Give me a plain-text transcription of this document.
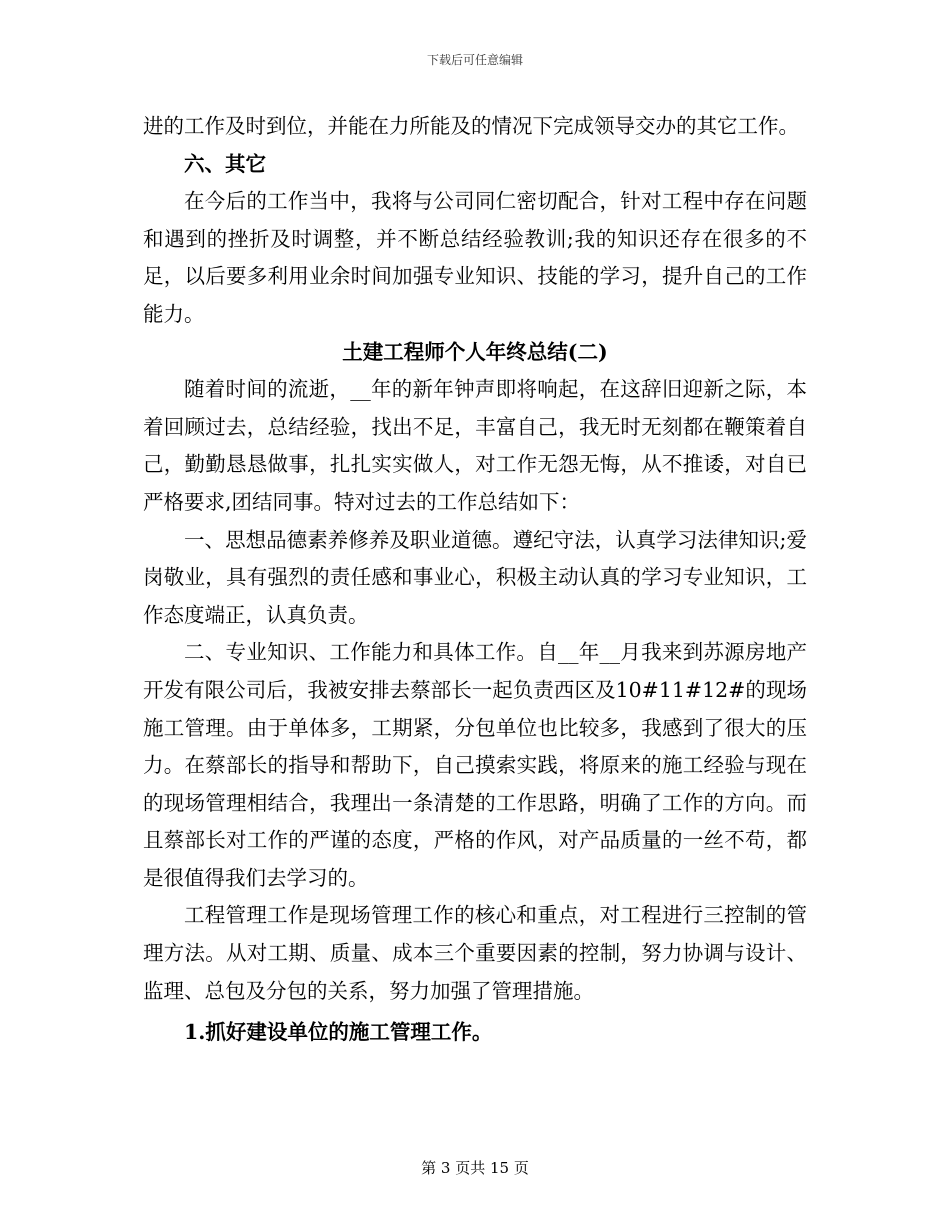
下载后可任意编辑

进的工作及时到位，并能在力所能及的情况下完成领导交办的其它工作。

六、其它

在今后的工作当中，我将与公司同仁密切配合，针对工程中存在问题和遇到的挫折及时调整，并不断总结经验教训;我的知识还存在很多的不足，以后要多利用业余时间加强专业知识、技能的学习，提升自己的工作能力。

土建工程师个人年终总结(二)

随着时间的流逝，__年的新年钟声即将响起，在这辞旧迎新之际，本着回顾过去，总结经验，找出不足，丰富自己，我无时无刻都在鞭策着自己，勤勤恳恳做事，扎扎实实做人，对工作无怨无悔，从不推诿，对自已严格要求,团结同事。特对过去的工作总结如下：

一、思想品德素养修养及职业道德。遵纪守法，认真学习法律知识;爱岗敬业，具有强烈的责任感和事业心，积极主动认真的学习专业知识，工作态度端正，认真负责。

二、专业知识、工作能力和具体工作。自__年__月我来到苏源房地产开发有限公司后，我被安排去蔡部长一起负责西区及10#11#12#的现场施工管理。由于单体多，工期紧，分包单位也比较多，我感到了很大的压力。在蔡部长的指导和帮助下，自己摸索实践，将原来的施工经验与现在的现场管理相结合，我理出一条清楚的工作思路，明确了工作的方向。而且蔡部长对工作的严谨的态度，严格的作风，对产品质量的一丝不苟，都是很值得我们去学习的。

工程管理工作是现场管理工作的核心和重点，对工程进行三控制的管理方法。从对工期、质量、成本三个重要因素的控制，努力协调与设计、监理、总包及分包的关系，努力加强了管理措施。

1.抓好建设单位的施工管理工作。

第 3 页共 15 页
